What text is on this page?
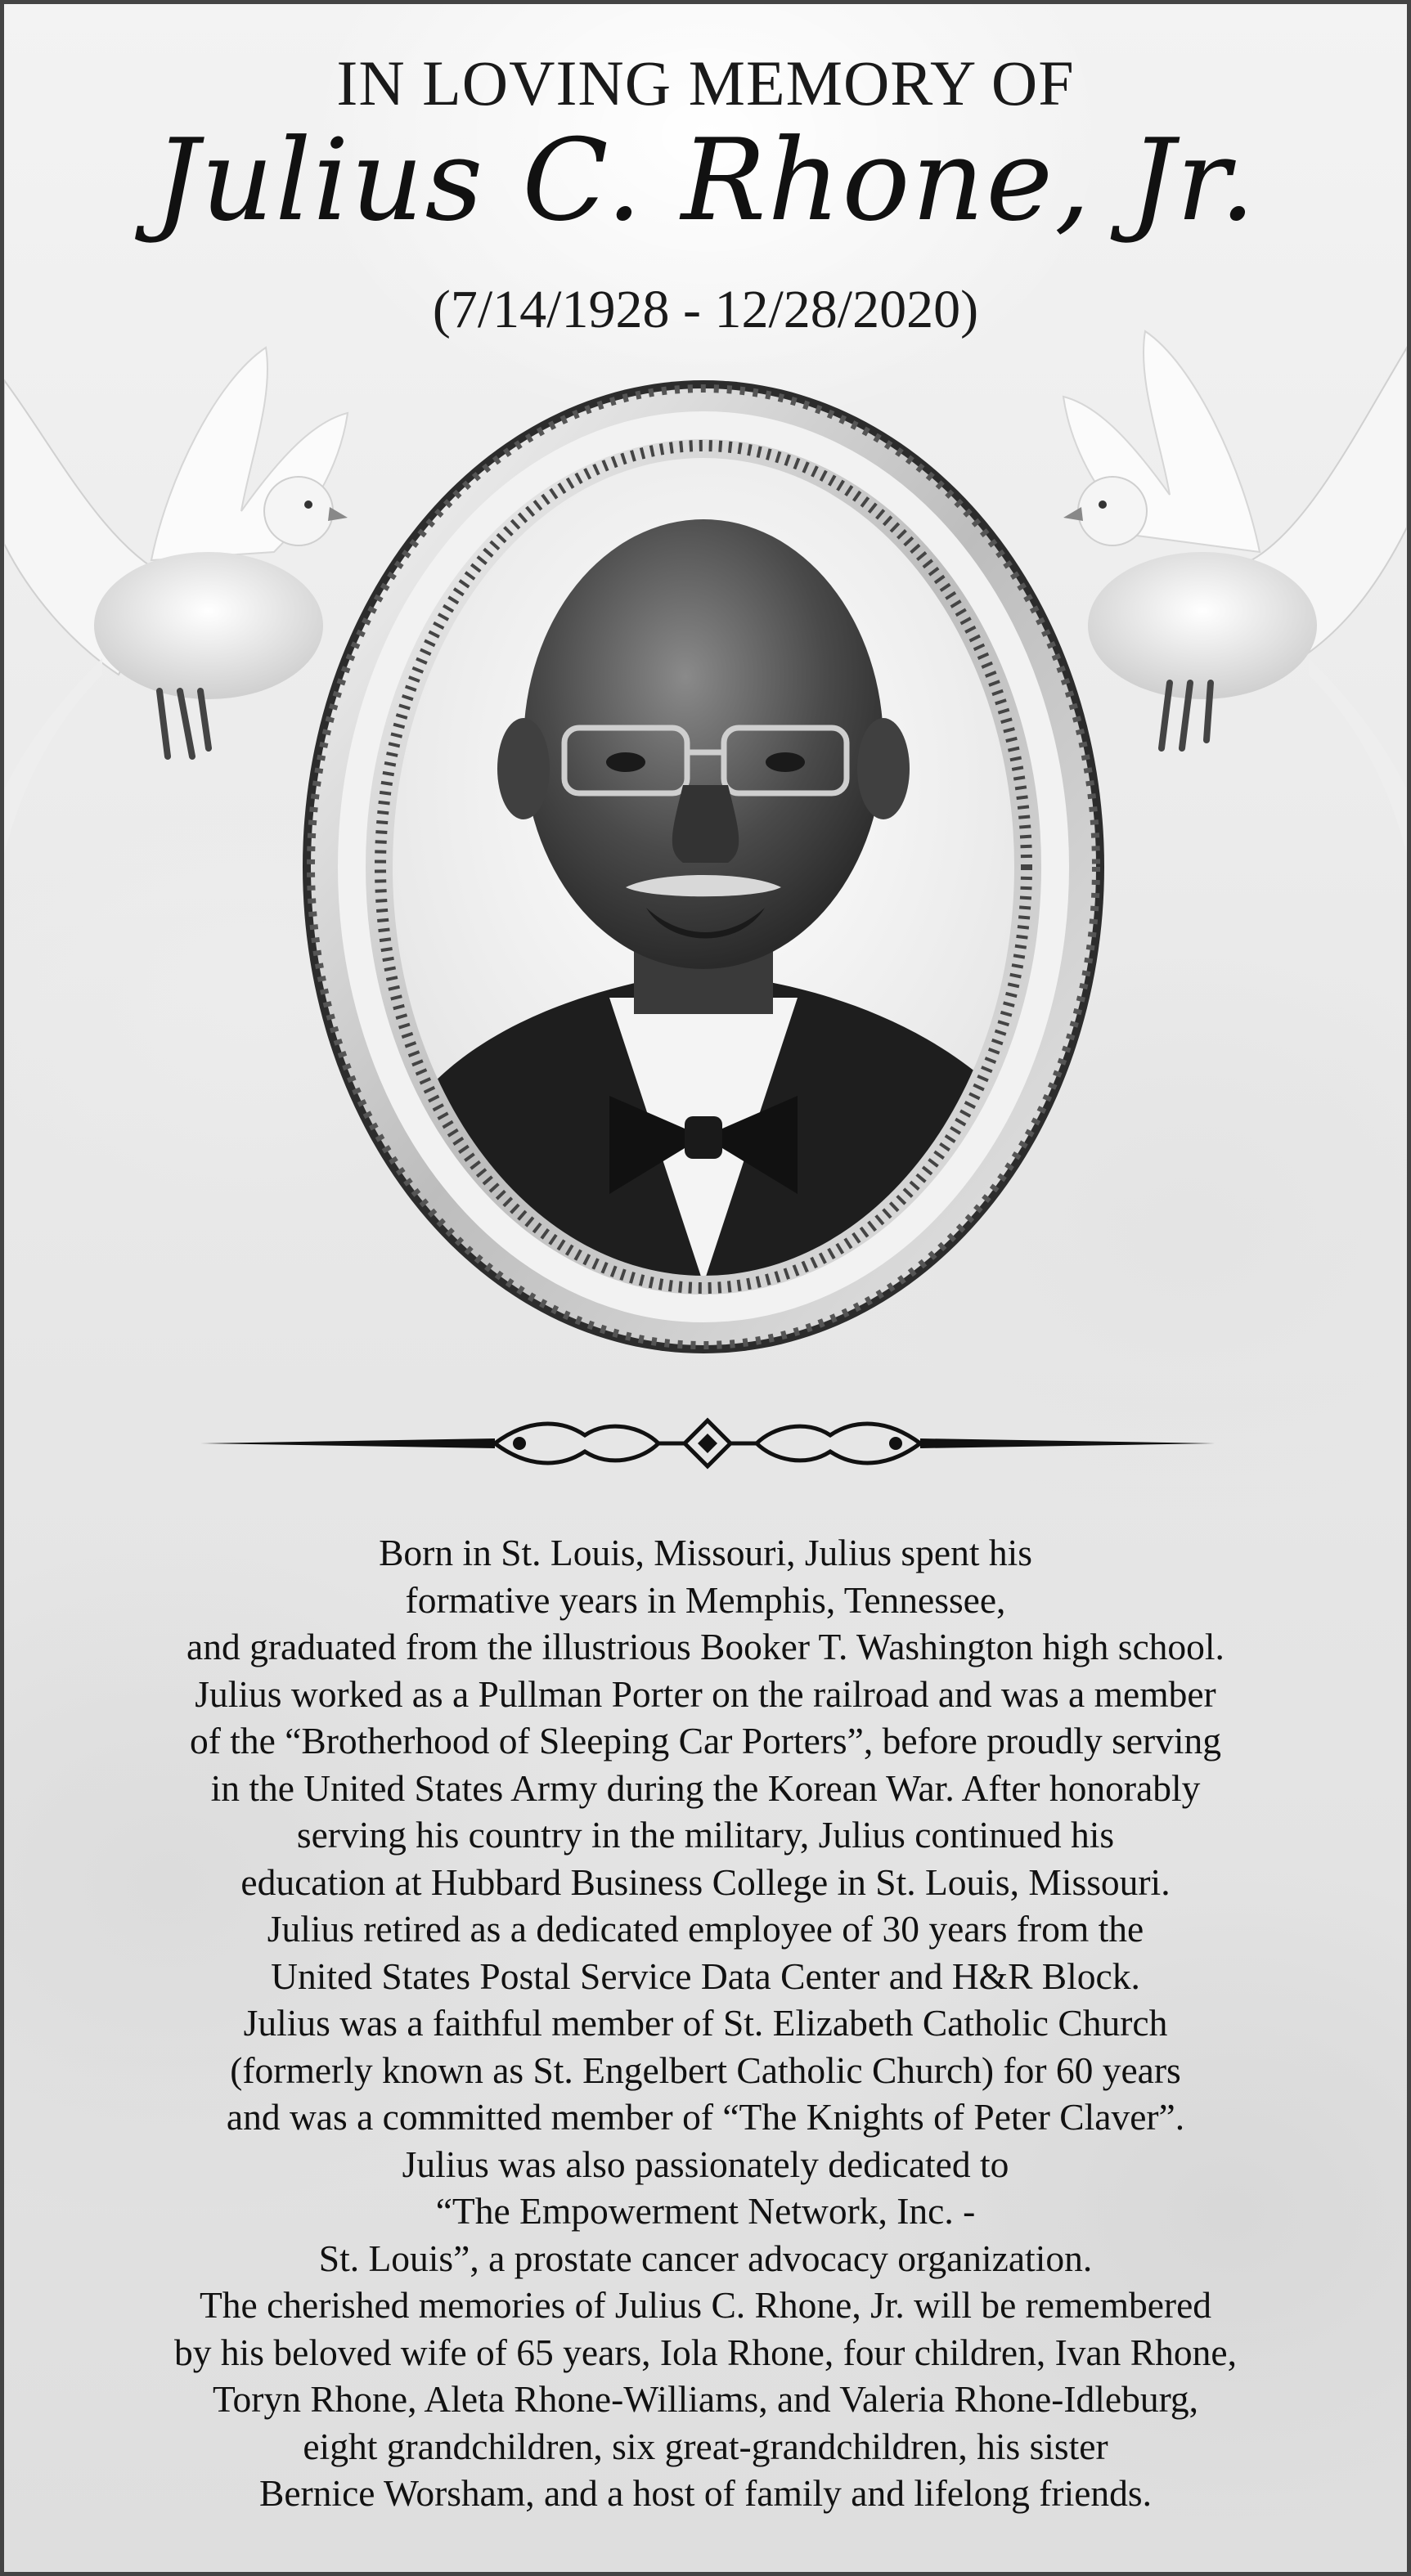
IN LOVING MEMORY OF
Julius C. Rhone, Jr.
(7/14/1928 - 12/28/2020)
Born in St. Louis, Missouri, Julius spent his
formative years in Memphis, Tennessee,
and graduated from the illustrious Booker T. Washington high school.
Julius worked as a Pullman Porter on the railroad and was a member
of the “Brotherhood of Sleeping Car Porters”, before proudly serving
in the United States Army during the Korean War. After honorably
serving his country in the military, Julius continued his
education at Hubbard Business College in St. Louis, Missouri.
Julius retired as a dedicated employee of 30 years from the
United States Postal Service Data Center and H&R Block.
Julius was a faithful member of St. Elizabeth Catholic Church
(formerly known as St. Engelbert Catholic Church) for 60 years
and was a committed member of “The Knights of Peter Claver”.
Julius was also passionately dedicated to
“The Empowerment Network, Inc. -
St. Louis”, a prostate cancer advocacy organization.
The cherished memories of Julius C. Rhone, Jr. will be remembered
by his beloved wife of 65 years, Iola Rhone, four children, Ivan Rhone,
Toryn Rhone, Aleta Rhone-Williams, and Valeria Rhone-Idleburg,
eight grandchildren, six great-grandchildren, his sister
Bernice Worsham, and a host of family and lifelong friends.
